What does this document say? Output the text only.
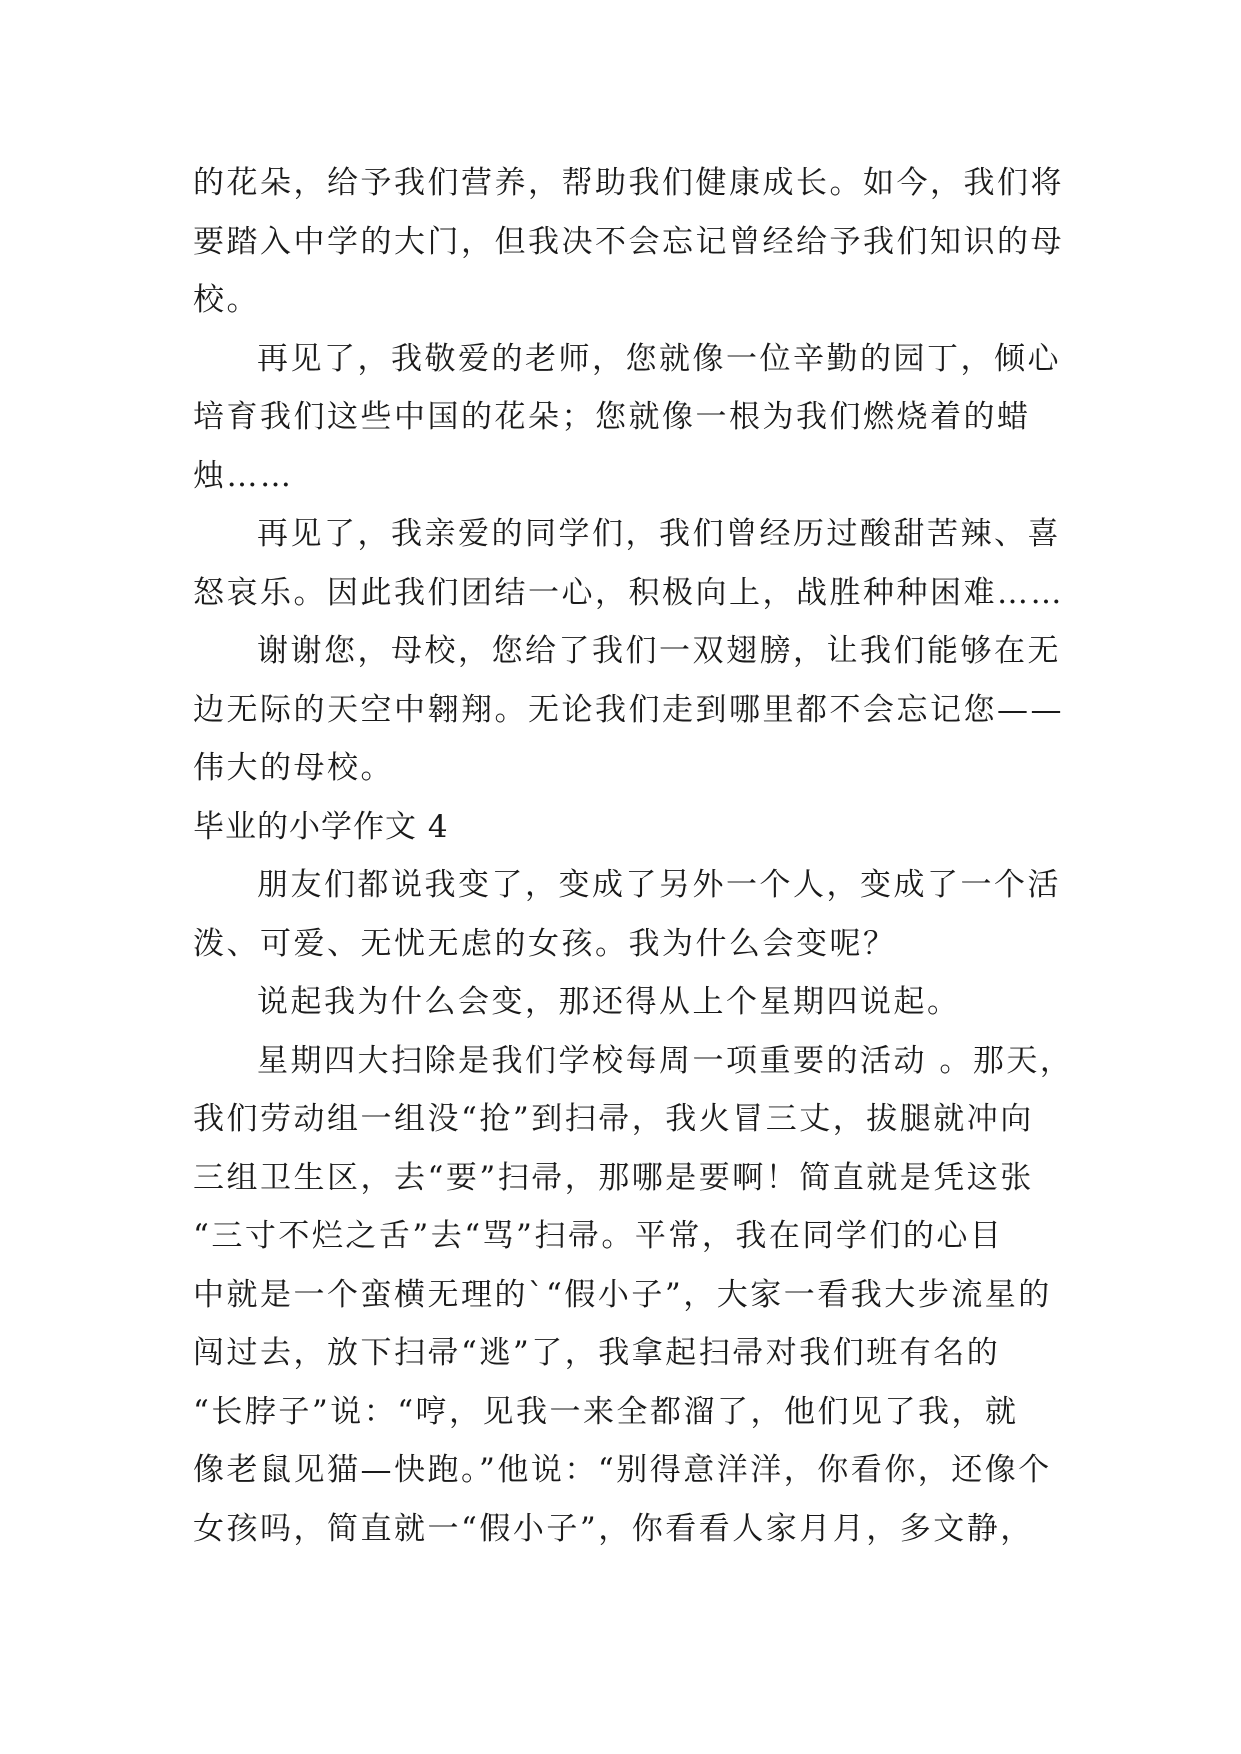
的花朵，给予我们营养，帮助我们健康成长。如今，我们将
要踏入中学的大门，但我决不会忘记曾经给予我们知识的母
校。
再见了，我敬爱的老师，您就像一位辛勤的园丁，倾心
培育我们这些中国的花朵；您就像一根为我们燃烧着的蜡
烛……
再见了，我亲爱的同学们，我们曾经历过酸甜苦辣、喜
怒哀乐。因此我们团结一心，积极向上，战胜种种困难……
谢谢您，母校，您给了我们一双翅膀，让我们能够在无
边无际的天空中翱翔。无论我们走到哪里都不会忘记您——
伟大的母校。
毕业的小学作文 4
朋友们都说我变了，变成了另外一个人，变成了一个活
泼、可爱、无忧无虑的女孩。我为什么会变呢？
说起我为什么会变，那还得从上个星期四说起。
星期四大扫除是我们学校每周一项重要的活动 。那天，
我们劳动组一组没“抢”到扫帚，我火冒三丈，拔腿就冲向
三组卫生区，去“要”扫帚，那哪是要啊！简直就是凭这张
“三寸不烂之舌”去“骂”扫帚。平常，我在同学们的心目
中就是一个蛮横无理的`“假小子”，大家一看我大步流星的
闯过去，放下扫帚“逃”了，我拿起扫帚对我们班有名的
“长脖子”说：“哼，见我一来全都溜了，他们见了我，就
像老鼠见猫—快跑。”他说：“别得意洋洋，你看你，还像个
女孩吗，简直就一“假小子”，你看看人家月月，多文静，
